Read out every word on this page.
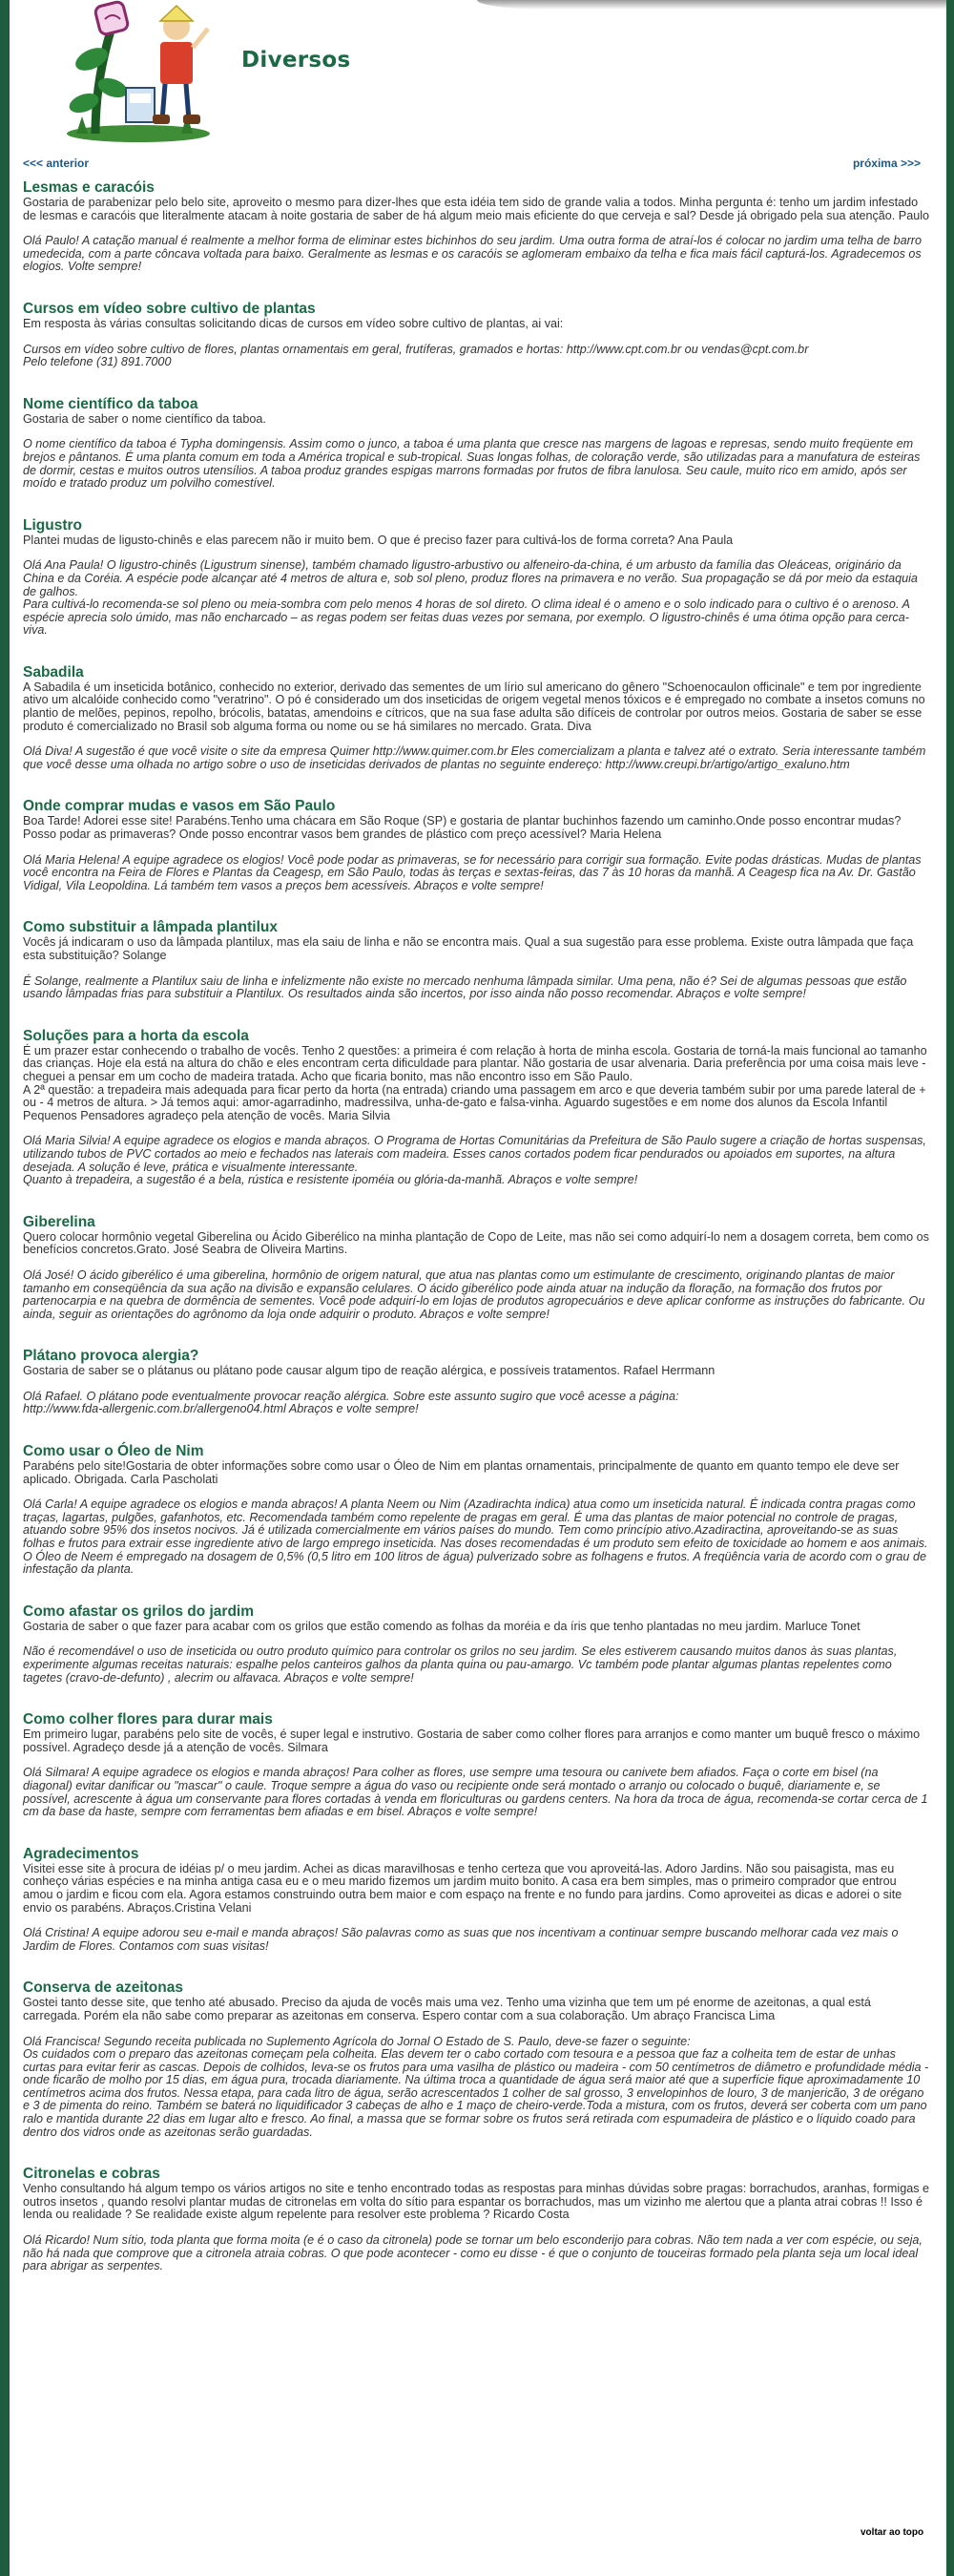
Diversos
<<< anterior	próxima >>>
Lesmas e caracóis

Gostaria de parabenizar pelo belo site, aproveito o mesmo para dizer-lhes que esta idéia tem sido de grande valia a todos. Minha pergunta é: tenho um jardim infestado de lesmas e caracóis que literalmente atacam à noite gostaria de saber de há algum meio mais eficiente do que cerveja e sal? Desde já obrigado pela sua atenção. Paulo

Olá Paulo! A catação manual é realmente a melhor forma de eliminar estes bichinhos do seu jardim. Uma outra forma de atraí-los é colocar no jardim uma telha de barro umedecida, com a parte côncava voltada para baixo. Geralmente as lesmas e os caracóis se aglomeram embaixo da telha e fica mais fácil capturá-los. Agradecemos os elogios. Volte sempre!

Cursos em vídeo sobre cultivo de plantas

Em resposta às várias consultas solicitando dicas de cursos em vídeo sobre cultivo de plantas, ai vai:

Cursos em vídeo sobre cultivo de flores, plantas ornamentais em geral, frutíferas, gramados e hortas: http://www.cpt.com.br ou vendas@cpt.com.br
Pelo telefone (31) 891.7000

Nome científico da taboa

Gostaria de saber o nome científico da taboa.

O nome científico da taboa é Typha domingensis. Assim como o junco, a taboa é uma planta que cresce nas margens de lagoas e represas, sendo muito freqüente em brejos e pântanos. É uma planta comum em toda a América tropical e sub-tropical. Suas longas folhas, de coloração verde, são utilizadas para a manufatura de esteiras de dormir, cestas e muitos outros utensílios. A taboa produz grandes espigas marrons formadas por frutos de fibra lanulosa. Seu caule, muito rico em amido, após ser moído e tratado produz um polvilho comestível.

Ligustro

Plantei mudas de ligusto-chinês e elas parecem não ir muito bem. O que é preciso fazer para cultivá-los de forma correta? Ana Paula

Olá Ana Paula! O ligustro-chinês (Ligustrum sinense), também chamado ligustro-arbustivo ou alfeneiro-da-china, é um arbusto da família das Oleáceas, originário da China e da Coréia. A espécie pode alcançar até 4 metros de altura e, sob sol pleno, produz flores na primavera e no verão. Sua propagação se dá por meio da estaquia de galhos.
Para cultivá-lo recomenda-se sol pleno ou meia-sombra com pelo menos 4 horas de sol direto. O clima ideal é o ameno e o solo indicado para o cultivo é o arenoso. A espécie aprecia solo úmido, mas não encharcado – as regas podem ser feitas duas vezes por semana, por exemplo. O ligustro-chinês é uma ótima opção para cerca-viva.

Sabadila

A Sabadila é um inseticida botânico, conhecido no exterior, derivado das sementes de um lírio sul americano do gênero "Schoenocaulon officinale" e tem por ingrediente ativo um alcalóide conhecido como "veratrino". O pó é considerado um dos inseticidas de origem vegetal menos tóxicos e é empregado no combate a insetos comuns no plantio de melões, pepinos, repolho, brócolis, batatas, amendoins e cítricos, que na sua fase adulta são difíceis de controlar por outros meios. Gostaria de saber se esse produto é comercializado no Brasil sob alguma forma ou nome ou se há similares no mercado. Grata. Diva

Olá Diva! A sugestão é que você visite o site da empresa Quimer http://www.quimer.com.br Eles comercializam a planta e talvez até o extrato. Seria interessante também que você desse uma olhada no artigo sobre o uso de inseticidas derivados de plantas no seguinte endereço: http://www.creupi.br/artigo/artigo_exaluno.htm

Onde comprar mudas e vasos em São Paulo

Boa Tarde! Adorei esse site! Parabéns.Tenho uma chácara em São Roque (SP) e gostaria de plantar buchinhos fazendo um caminho.Onde posso encontrar mudas? Posso podar as primaveras? Onde posso encontrar vasos bem grandes de plástico com preço acessível? Maria Helena

Olá Maria Helena! A equipe agradece os elogios! Você pode podar as primaveras, se for necessário para corrigir sua formação. Evite podas drásticas. Mudas de plantas você encontra na Feira de Flores e Plantas da Ceagesp, em São Paulo, todas às terças e sextas-feiras, das 7 às 10 horas da manhã. A Ceagesp fica na Av. Dr. Gastão Vidigal, Vila Leopoldina. Lá também tem vasos a preços bem acessíveis. Abraços e volte sempre!

Como substituir a lâmpada plantilux

Vocês já indicaram o uso da lâmpada plantilux, mas ela saiu de linha e não se encontra mais. Qual a sua sugestão para esse problema. Existe outra lâmpada que faça esta substituição? Solange

É Solange, realmente a Plantilux saiu de linha e infelizmente não existe no mercado nenhuma lâmpada similar. Uma pena, não é? Sei de algumas pessoas que estão usando lâmpadas frias para substituir a Plantilux. Os resultados ainda são incertos, por isso ainda não posso recomendar. Abraços e volte sempre!

Soluções para a horta da escola

É um prazer estar conhecendo o trabalho de vocês. Tenho 2 questões: a primeira é com relação à horta de minha escola. Gostaria de torná-la mais funcional ao tamanho das crianças. Hoje ela está na altura do chão e eles encontram certa dificuldade para plantar. Não gostaria de usar alvenaria. Daria preferência por uma coisa mais leve - cheguei a pensar em um cocho de madeira tratada. Acho que ficaria bonito, mas não encontro isso em São Paulo.
A 2ª questão: a trepadeira mais adequada para ficar perto da horta (na entrada) criando uma passagem em arco e que deveria também subir por uma parede lateral de + ou - 4 metros de altura. > Já temos aqui: amor-agarradinho, madressilva, unha-de-gato e falsa-vinha. Aguardo sugestões e em nome dos alunos da Escola Infantil Pequenos Pensadores agradeço pela atenção de vocês. Maria Silvia

Olá Maria Silvia! A equipe agradece os elogios e manda abraços. O Programa de Hortas Comunitárias da Prefeitura de São Paulo sugere a criação de hortas suspensas, utilizando tubos de PVC cortados ao meio e fechados nas laterais com madeira. Esses canos cortados podem ficar pendurados ou apoiados em suportes, na altura desejada. A solução é leve, prática e visualmente interessante.
Quanto à trepadeira, a sugestão é a bela, rústica e resistente ipoméia ou glória-da-manhã. Abraços e volte sempre!

Giberelina

Quero colocar hormônio vegetal Giberelina ou Ácido Giberélico na minha plantação de Copo de Leite, mas não sei como adquirí-lo nem a dosagem correta, bem como os benefícios concretos.Grato. José Seabra de Oliveira Martins.

Olá José! O ácido giberélico é uma giberelina, hormônio de origem natural, que atua nas plantas como um estimulante de crescimento, originando plantas de maior tamanho em conseqüência da sua ação na divisão e expansão celulares. O ácido giberélico pode ainda atuar na indução da floração, na formação dos frutos por partenocarpia e na quebra de dormência de sementes. Você pode adquirí-lo em lojas de produtos agropecuários e deve aplicar conforme as instruções do fabricante. Ou ainda, seguir as orientações do agrônomo da loja onde adquirir o produto. Abraços e volte sempre!

Plátano provoca alergia?

Gostaria de saber se o plátanus ou plátano pode causar algum tipo de reação alérgica, e possíveis tratamentos. Rafael Herrmann

Olá Rafael. O plátano pode eventualmente provocar reação alérgica. Sobre este assunto sugiro que você acesse a página:
http://www.fda-allergenic.com.br/allergeno04.html Abraços e volte sempre!

Como usar o Óleo de Nim

Parabéns pelo site!Gostaria de obter informações sobre como usar o Óleo de Nim em plantas ornamentais, principalmente de quanto em quanto tempo ele deve ser aplicado. Obrigada. Carla Pascholati

Olá Carla! A equipe agradece os elogios e manda abraços! A planta Neem ou Nim (Azadirachta indica) atua como um inseticida natural. É indicada contra pragas como traças, lagartas, pulgões, gafanhotos, etc. Recomendada também como repelente de pragas em geral. É uma das plantas de maior potencial no controle de pragas, atuando sobre 95% dos insetos nocivos. Já é utilizada comercialmente em vários países do mundo. Tem como princípio ativo.Azadiractina, aproveitando-se as suas folhas e frutos para extrair esse ingrediente ativo de largo emprego inseticida. Nas doses recomendadas é um produto sem efeito de toxicidade ao homem e aos animais.
O Óleo de Neem é empregado na dosagem de 0,5% (0,5 litro em 100 litros de água) pulverizado sobre as folhagens e frutos. A freqüência varia de acordo com o grau de infestação da planta.

Como afastar os grilos do jardim

Gostaria de saber o que fazer para acabar com os grilos que estão comendo as folhas da moréia e da íris que tenho plantadas no meu jardim. Marluce Tonet

Não é recomendável o uso de inseticida ou outro produto químico para controlar os grilos no seu jardim. Se eles estiverem causando muitos danos às suas plantas, experimente algumas receitas naturais: espalhe pelos canteiros galhos da planta quina ou pau-amargo. Vc também pode plantar algumas plantas repelentes como tagetes (cravo-de-defunto) , alecrim ou alfavaca. Abraços e volte sempre!

Como colher flores para durar mais

Em primeiro lugar, parabéns pelo site de vocês, é super legal e instrutivo. Gostaria de saber como colher flores para arranjos e como manter um buquê fresco o máximo possível. Agradeço desde já a atenção de vocês. Silmara

Olá Silmara! A equipe agradece os elogios e manda abraços! Para colher as flores, use sempre uma tesoura ou canivete bem afiados. Faça o corte em bisel (na diagonal) evitar danificar ou "mascar" o caule. Troque sempre a água do vaso ou recipiente onde será montado o arranjo ou colocado o buquê, diariamente e, se possível, acrescente à água um conservante para flores cortadas à venda em floriculturas ou gardens centers. Na hora da troca de água, recomenda-se cortar cerca de 1 cm da base da haste, sempre com ferramentas bem afiadas e em bisel. Abraços e volte sempre!

Agradecimentos

Visitei esse site à procura de idéias p/ o meu jardim. Achei as dicas maravilhosas e tenho certeza que vou aproveitá-las. Adoro Jardins. Não sou paisagista, mas eu conheço várias espécies e na minha antiga casa eu e o meu marido fizemos um jardim muito bonito. A casa era bem simples, mas o primeiro comprador que entrou amou o jardim e ficou com ela. Agora estamos construindo outra bem maior e com espaço na frente e no fundo para jardins. Como aproveitei as dicas e adorei o site envio os parabéns. Abraços.Cristina Velani

Olá Cristina! A equipe adorou seu e-mail e manda abraços! São palavras como as suas que nos incentivam a continuar sempre buscando melhorar cada vez mais o Jardim de Flores. Contamos com suas visitas!

Conserva de azeitonas

Gostei tanto desse site, que tenho até abusado. Preciso da ajuda de vocês mais uma vez. Tenho uma vizinha que tem um pé enorme de azeitonas, a qual está carregada. Porém ela não sabe como preparar as azeitonas em conserva. Espero contar com a sua colaboração. Um abraço Francisca Lima

Olá Francisca! Segundo receita publicada no Suplemento Agrícola do Jornal O Estado de S. Paulo, deve-se fazer o seguinte:
Os cuidados com o preparo das azeitonas começam pela colheita. Elas devem ter o cabo cortado com tesoura e a pessoa que faz a colheita tem de estar de unhas curtas para evitar ferir as cascas. Depois de colhidos, leva-se os frutos para uma vasilha de plástico ou madeira - com 50 centímetros de diâmetro e profundidade média - onde ficarão de molho por 15 dias, em água pura, trocada diariamente. Na última troca a quantidade de água será maior até que a superfície fique aproximadamente 10 centímetros acima dos frutos. Nessa etapa, para cada litro de água, serão acrescentados 1 colher de sal grosso, 3 envelopinhos de louro, 3 de manjericão, 3 de orégano e 3 de pimenta do reino. Também se baterá no liquidificador 3 cabeças de alho e 1 maço de cheiro-verde.Toda a mistura, com os frutos, deverá ser coberta com um pano ralo e mantida durante 22 dias em lugar alto e fresco. Ao final, a massa que se formar sobre os frutos será retirada com espumadeira de plástico e o líquido coado para dentro dos vidros onde as azeitonas serão guardadas.

Citronelas e cobras

Venho consultando há algum tempo os vários artigos no site e tenho encontrado todas as respostas para minhas dúvidas sobre pragas: borrachudos, aranhas, formigas e outros insetos , quando resolvi plantar mudas de citronelas em volta do sítio para espantar os borrachudos, mas um vizinho me alertou que a planta atrai cobras !! Isso é lenda ou realidade ? Se realidade existe algum repelente para resolver este problema ? Ricardo Costa

Olá Ricardo! Num sítio, toda planta que forma moita (e é o caso da citronela) pode se tornar um belo esconderijo para cobras. Não tem nada a ver com espécie, ou seja, não há nada que comprove que a citronela atraia cobras. O que pode acontecer - como eu disse - é que o conjunto de touceiras formado pela planta seja um local ideal para abrigar as serpentes.

voltar ao topo
